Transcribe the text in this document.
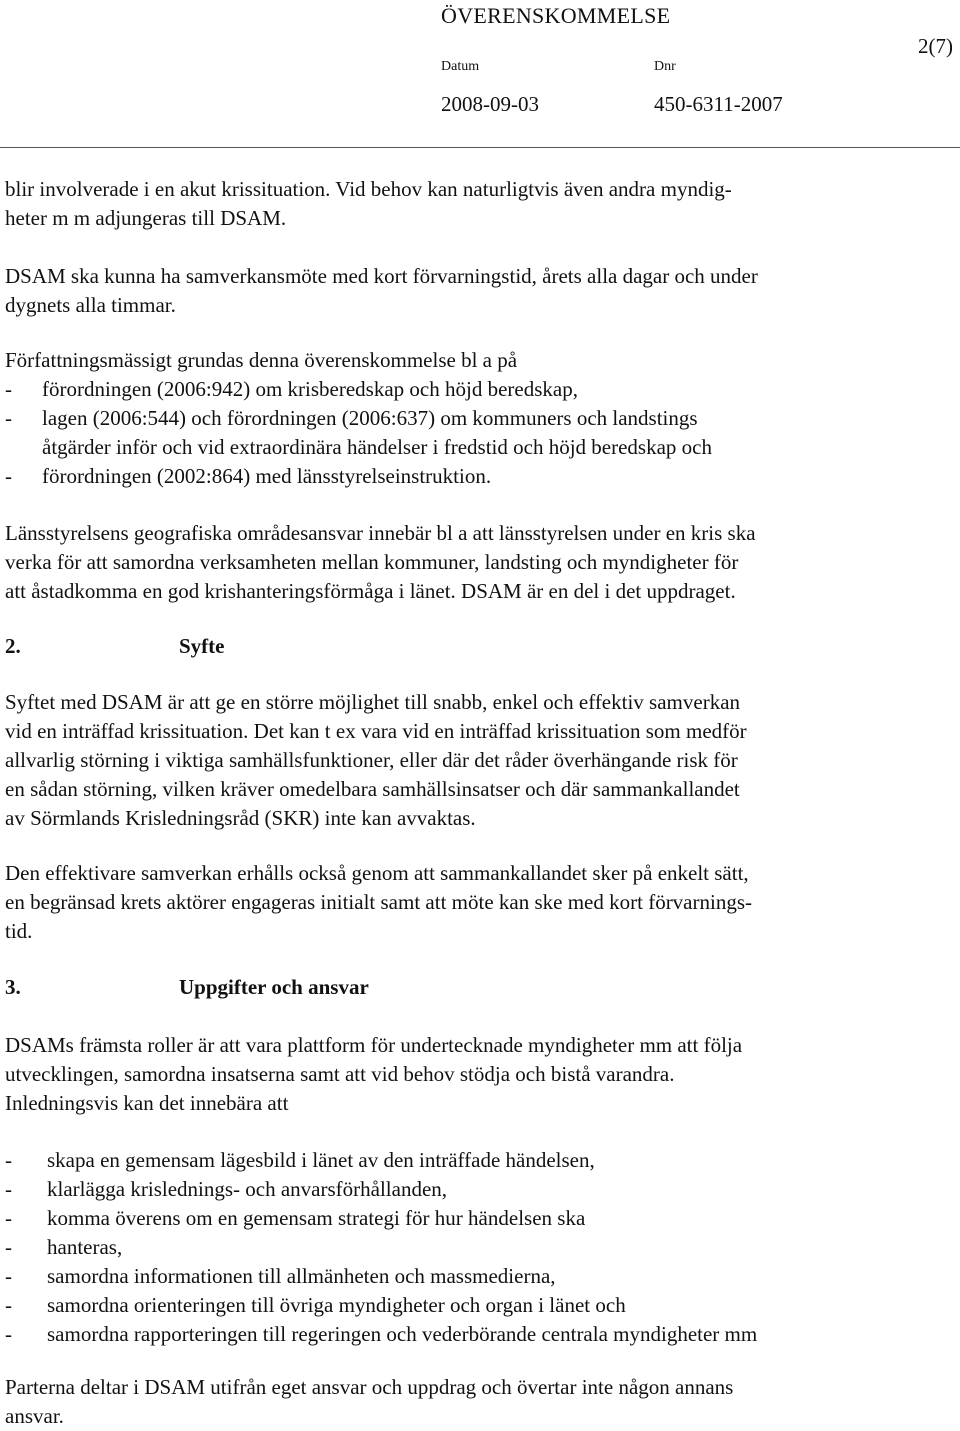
ÖVERENSKOMMELSE
2(7)
Datum	Dnr
2008-09-03	450-6311-2007

blir involverade i en akut krissituation. Vid behov kan naturligtvis även andra myndig-
heter m m adjungeras till DSAM.

DSAM ska kunna ha samverkansmöte med kort förvarningstid, årets alla dagar och under
dygnets alla timmar.

Författningsmässigt grundas denna överenskommelse bl a på

- förordningen (2006:942) om krisberedskap och höjd beredskap,
- lagen (2006:544) och förordningen (2006:637) om kommuners och landstings
åtgärder inför och vid extraordinära händelser i fredstid och höjd beredskap och
- förordningen (2002:864) med länsstyrelseinstruktion.

Länsstyrelsens geografiska områdesansvar innebär bl a att länsstyrelsen under en kris ska
verka för att samordna verksamheten mellan kommuner, landsting och myndigheter för
att åstadkomma en god krishanteringsförmåga i länet. DSAM är en del i det uppdraget.

2.	Syfte

Syftet med DSAM är att ge en större möjlighet till snabb, enkel och effektiv samverkan
vid en inträffad krissituation. Det kan t ex vara vid en inträffad krissituation som medför
allvarlig störning i viktiga samhällsfunktioner, eller där det råder överhängande risk för
en sådan störning, vilken kräver omedelbara samhällsinsatser och där sammankallandet
av Sörmlands Krisledningsråd (SKR) inte kan avvaktas.

Den effektivare samverkan erhålls också genom att sammankallandet sker på enkelt sätt,
en begränsad krets aktörer engageras initialt samt att möte kan ske med kort förvarnings-
tid.

3.	Uppgifter och ansvar

DSAMs främsta roller är att vara plattform för undertecknade myndigheter mm att följa
utvecklingen, samordna insatserna samt att vid behov stödja och bistå varandra.
Inledningsvis kan det innebära att

- skapa en gemensam lägesbild i länet av den inträffade händelsen,
- klarlägga krislednings- och anvarsförhållanden,
- komma överens om en gemensam strategi för hur händelsen ska
- hanteras,
- samordna informationen till allmänheten och massmedierna,
- samordna orienteringen till övriga myndigheter och organ i länet och
- samordna rapporteringen till regeringen och vederbörande centrala myndigheter mm

Parterna deltar i DSAM utifrån eget ansvar och uppdrag och övertar inte någon annans
ansvar.
